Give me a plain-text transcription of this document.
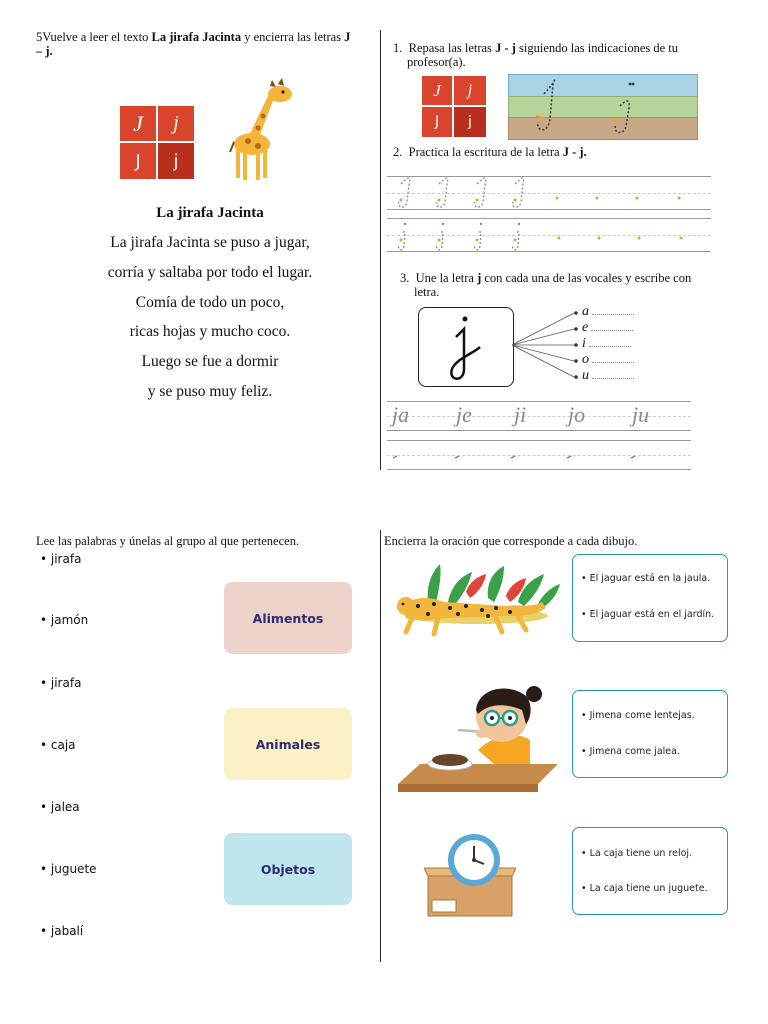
5Vuelve a leer el texto La jirafa Jacinta y encierra las letras J
– j.
J j
J j
La jirafa Jacinta
La jirafa Jacinta se puso a jugar,
corría y saltaba por todo el lugar.
Comía de todo un poco,
ricas hojas y mucho coco.
Luego se fue a dormir
y se puso muy feliz.
1. Repasa las letras J - j siguiendo las indicaciones de tu
profesor(a).
J j
J j
2. Practica la escritura de la letra J - j.
3. Une la letra j con cada una de las vocales y escribe con
letra.
a
e
i
o
u
ja je ji jo ju
Lee las palabras y únelas al grupo al que pertenecen.
• jirafa
• jamón
• jirafa
• caja
• jalea
• juguete
• jabalí
Alimentos
Animales
Objetos
Encierra la oración que corresponde a cada dibujo.
• El jaguar está en la jaula.
• El jaguar está en el jardín.
• Jimena come lentejas.
• Jimena come jalea.
• La caja tiene un reloj.
• La caja tiene un juguete.
